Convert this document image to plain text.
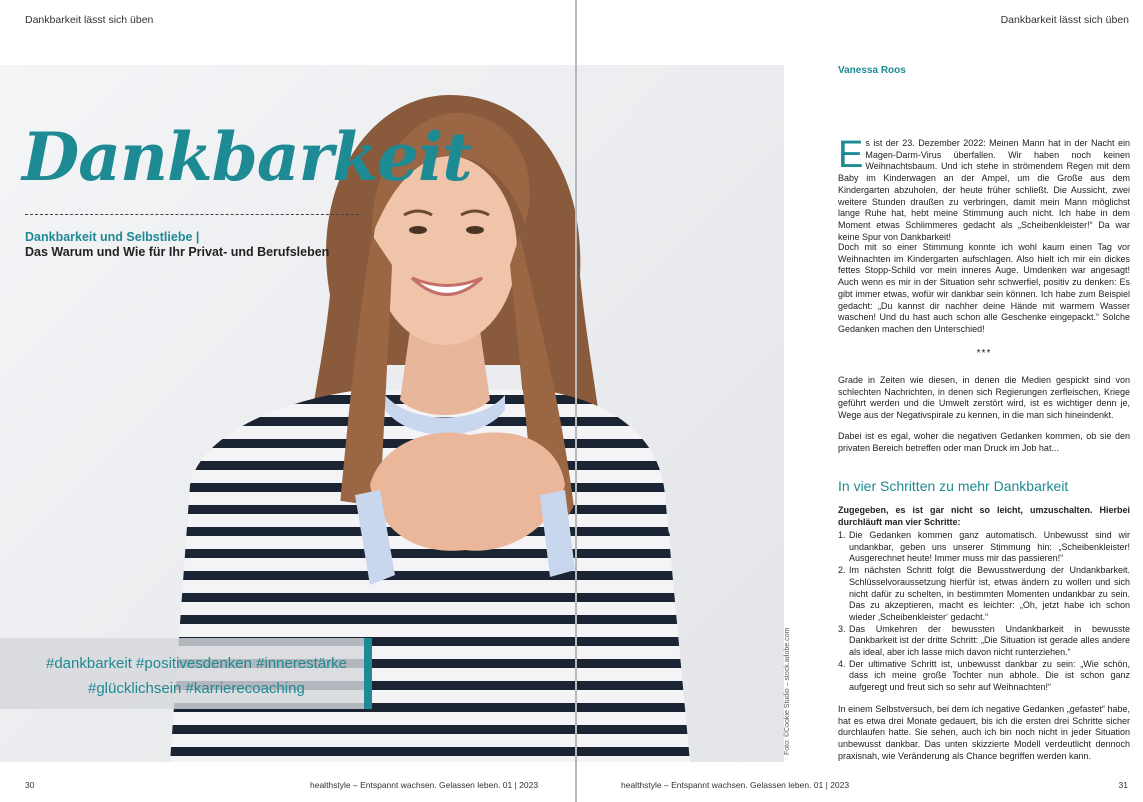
Dankbarkeit lässt sich üben	Dankbarkeit lässt sich üben
Dankbarkeit
Dankbarkeit und Selbstliebe |
Das Warum und Wie für Ihr Privat- und Berufsleben
#dankbarkeit #positivesdenken #innerestärke
#glücklichsein #karrierecoaching	Foto: ©Cookie Studio – stock.adobe.com
Vanessa Roos
Es ist der 23. Dezember 2022: Meinen Mann hat in der Nacht ein Magen-Darm-Virus überfallen. Wir haben noch keinen Weihnachtsbaum. Und ich stehe in strömendem Regen mit dem Baby im Kinderwagen an der Ampel, um die Große aus dem Kindergarten abzuholen, der heute früher schließt. Die Aussicht, zwei weitere Stunden draußen zu verbringen, damit mein Mann möglichst lange Ruhe hat, hebt meine Stimmung auch nicht. Ich habe in dem Moment etwas Schlimmeres gedacht als „Scheibenkleister!“ Da war keine Spur von Dankbarkeit!
Doch mit so einer Stimmung konnte ich wohl kaum einen Tag vor Weihnachten im Kindergarten aufschlagen. Also hielt ich mir ein dickes fettes Stopp-Schild vor mein inneres Auge. Umdenken war angesagt! Auch wenn es mir in der Situation sehr schwerfiel, positiv zu denken: Es gibt immer etwas, wofür wir dankbar sein können. Ich habe zum Beispiel gedacht: „Du kannst dir nachher deine Hände mit warmem Wasser waschen! Und du hast auch schon alle Geschenke eingepackt.“ Solche Gedanken machen den Unterschied!
***
Grade in Zeiten wie diesen, in denen die Medien gespickt sind von schlechten Nachrichten, in denen sich Regierungen zerfleischen, Kriege geführt werden und die Umwelt zerstört wird, ist es wichtiger denn je, Wege aus der Negativspirale zu kennen, in die man sich hineindenkt.
Dabei ist es egal, woher die negativen Gedanken kommen, ob sie den privaten Bereich betreffen oder man Druck im Job hat...
In vier Schritten zu mehr Dankbarkeit
Zugegeben, es ist gar nicht so leicht, umzuschalten. Hierbei durchläuft man vier Schritte:
1. Die Gedanken kommen ganz automatisch. Unbewusst sind wir undankbar, geben uns unserer Stimmung hin: „Scheibenkleister! Ausgerechnet heute! Immer muss mir das passieren!“
2. Im nächsten Schritt folgt die Bewusstwerdung der Undankbarkeit. Schlüsselvoraussetzung hierfür ist, etwas ändern zu wollen und sich nicht dafür zu schelten, in bestimmten Momenten undankbar zu sein. Das zu akzeptieren, macht es leichter: „Oh, jetzt habe ich schon wieder ‚Scheibenkleister‘ gedacht.“
3. Das Umkehren der bewussten Undankbarkeit in bewusste Dankbarkeit ist der dritte Schritt: „Die Situation ist gerade alles andere als ideal, aber ich lasse mich davon nicht runterziehen.“
4. Der ultimative Schritt ist, unbewusst dankbar zu sein: „Wie schön, dass ich meine große Tochter nun abhole. Die ist schon ganz aufgeregt und freut sich so sehr auf Weihnachten!“
In einem Selbstversuch, bei dem ich negative Gedanken „gefastet“ habe, hat es etwa drei Monate gedauert, bis ich die ersten drei Schritte sicher durchlaufen hatte. Sie sehen, auch ich bin noch nicht in jeder Situation unbewusst dankbar. Das unten skizzierte Modell verdeutlicht dennoch praxisnah, wie Veränderung als Chance begriffen werden kann.
30	healthstyle – Entspannt wachsen. Gelassen leben. 01 | 2023	healthstyle – Entspannt wachsen. Gelassen leben. 01 | 2023	31
